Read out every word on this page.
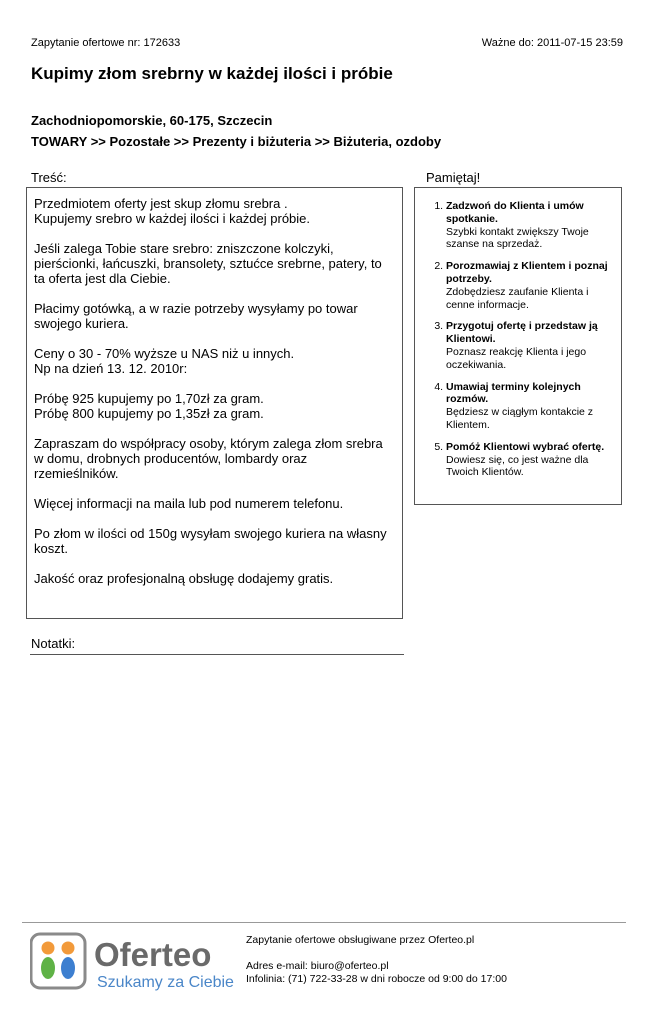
Zapytanie ofertowe nr: 172633	Ważne do: 2011-07-15 23:59
Kupimy złom srebrny w każdej ilości i próbie
Zachodniopomorskie, 60-175, Szczecin
TOWARY >> Pozostałe >> Prezenty i biżuteria >> Biżuteria, ozdoby
Treść:	Pamiętaj!

Przedmiotem oferty jest skup złomu srebra .
Kupujemy srebro w każdej ilości i każdej próbie.

Jeśli zalega Tobie stare srebro: zniszczone kolczyki, pierścionki, łańcuszki, bransolety, sztućce srebrne, patery, to ta oferta jest dla Ciebie.

Płacimy gotówką, a w razie potrzeby wysyłamy po towar swojego kuriera.

Ceny o 30 - 70% wyższe u NAS niż u innych.
Np na dzień 13. 12. 2010r:

Próbę 925 kupujemy po 1,70zł za gram.
Próbę 800 kupujemy po 1,35zł za gram.

Zapraszam do współpracy osoby, którym zalega złom srebra w domu, drobnych producentów, lombardy oraz rzemieślników.

Więcej informacji na maila lub pod numerem telefonu.

Po złom w ilości od 150g wysyłam swojego kuriera na własny koszt.

Jakość oraz profesjonalną obsługę dodajemy gratis.

1. Zadzwoń do Klienta i umów spotkanie.
Szybki kontakt zwiększy Twoje szanse na sprzedaż.
2. Porozmawiaj z Klientem i poznaj potrzeby.
Zdobędziesz zaufanie Klienta i cenne informacje.
3. Przygotuj ofertę i przedstaw ją Klientowi.
Poznasz reakcję Klienta i jego oczekiwania.
4. Umawiaj terminy kolejnych rozmów.
Będziesz w ciągłym kontakcie z Klientem.
5. Pomóż Klientowi wybrać ofertę.
Dowiesz się, co jest ważne dla Twoich Klientów.
Notatki:
Oferteo
Szukamy za Ciebie
Zapytanie ofertowe obsługiwane przez Oferteo.pl
Adres e-mail: biuro@oferteo.pl
Infolinia: (71) 722-33-28 w dni robocze od 9:00 do 17:00
